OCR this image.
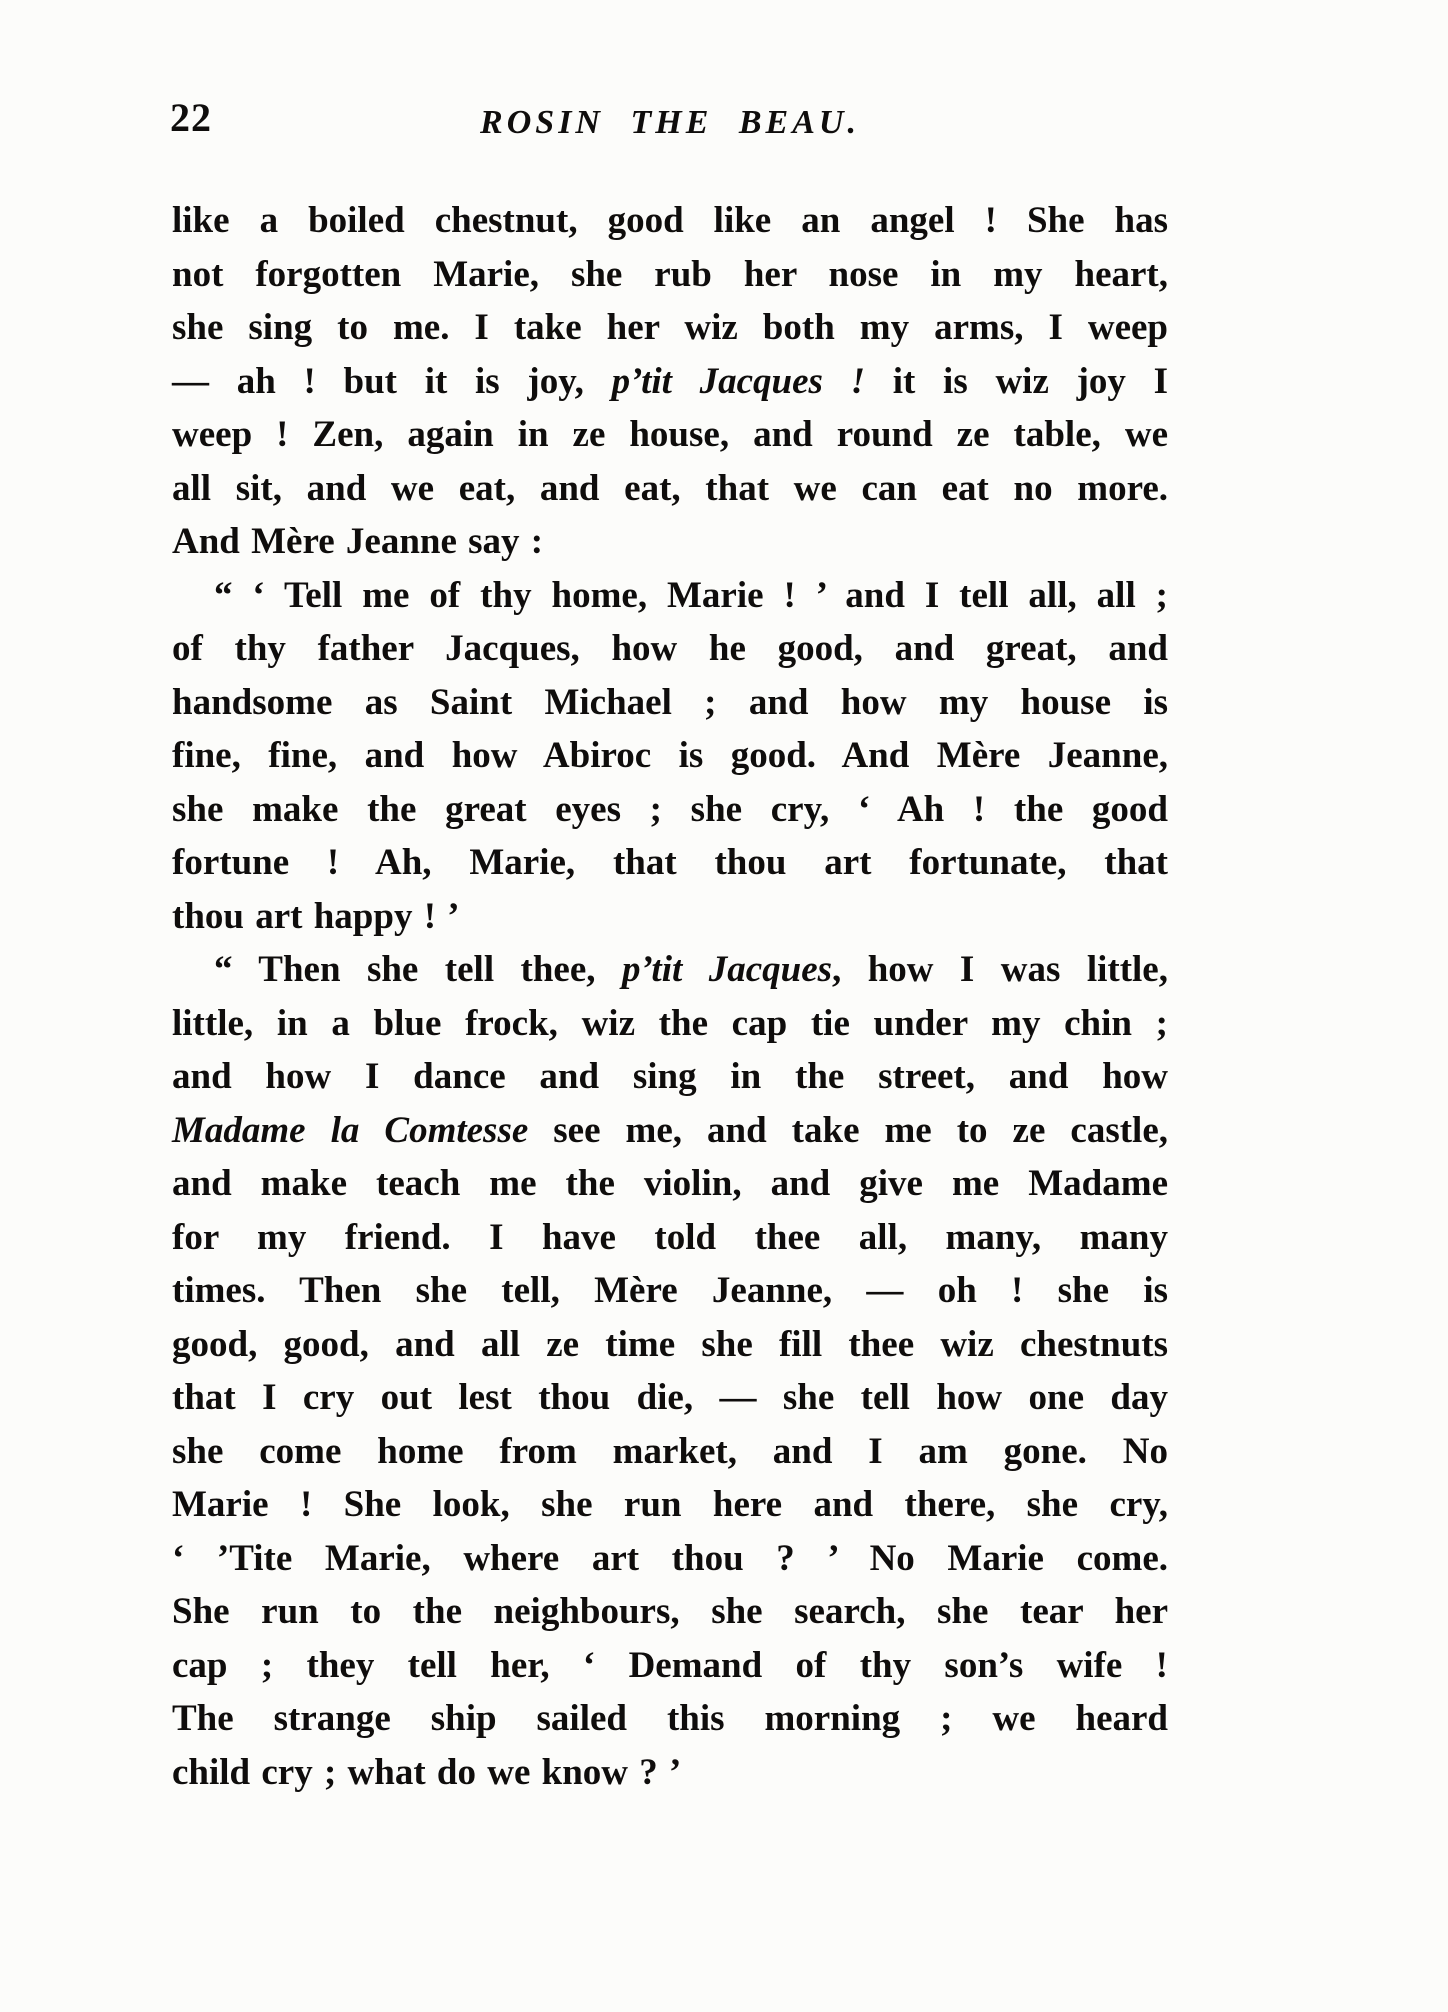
22	ROSIN THE BEAU.
like a boiled chestnut, good like an angel ! She has
not forgotten Marie, she rub her nose in my heart,
she sing to me. I take her wiz both my arms, I weep
— ah ! but it is joy, p’tit Jacques ! it is wiz joy I
weep ! Zen, again in ze house, and round ze table, we
all sit, and we eat, and eat, that we can eat no more.
And Mère Jeanne say :
“ ‘ Tell me of thy home, Marie ! ’ and I tell all, all ;
of thy father Jacques, how he good, and great, and
handsome as Saint Michael ; and how my house is
fine, fine, and how Abiroc is good. And Mère Jeanne,
she make the great eyes ; she cry, ‘ Ah ! the good
fortune ! Ah, Marie, that thou art fortunate, that
thou art happy ! ’
“ Then she tell thee, p’tit Jacques, how I was little,
little, in a blue frock, wiz the cap tie under my chin ;
and how I dance and sing in the street, and how
Madame la Comtesse see me, and take me to ze castle,
and make teach me the violin, and give me Madame
for my friend. I have told thee all, many, many
times. Then she tell, Mère Jeanne, — oh ! she is
good, good, and all ze time she fill thee wiz chestnuts
that I cry out lest thou die, — she tell how one day
she come home from market, and I am gone. No
Marie ! She look, she run here and there, she cry,
‘ ’Tite Marie, where art thou ? ’ No Marie come.
She run to the neighbours, she search, she tear her
cap ; they tell her, ‘ Demand of thy son’s wife !
The strange ship sailed this morning ; we heard
child cry ; what do we know ? ’
